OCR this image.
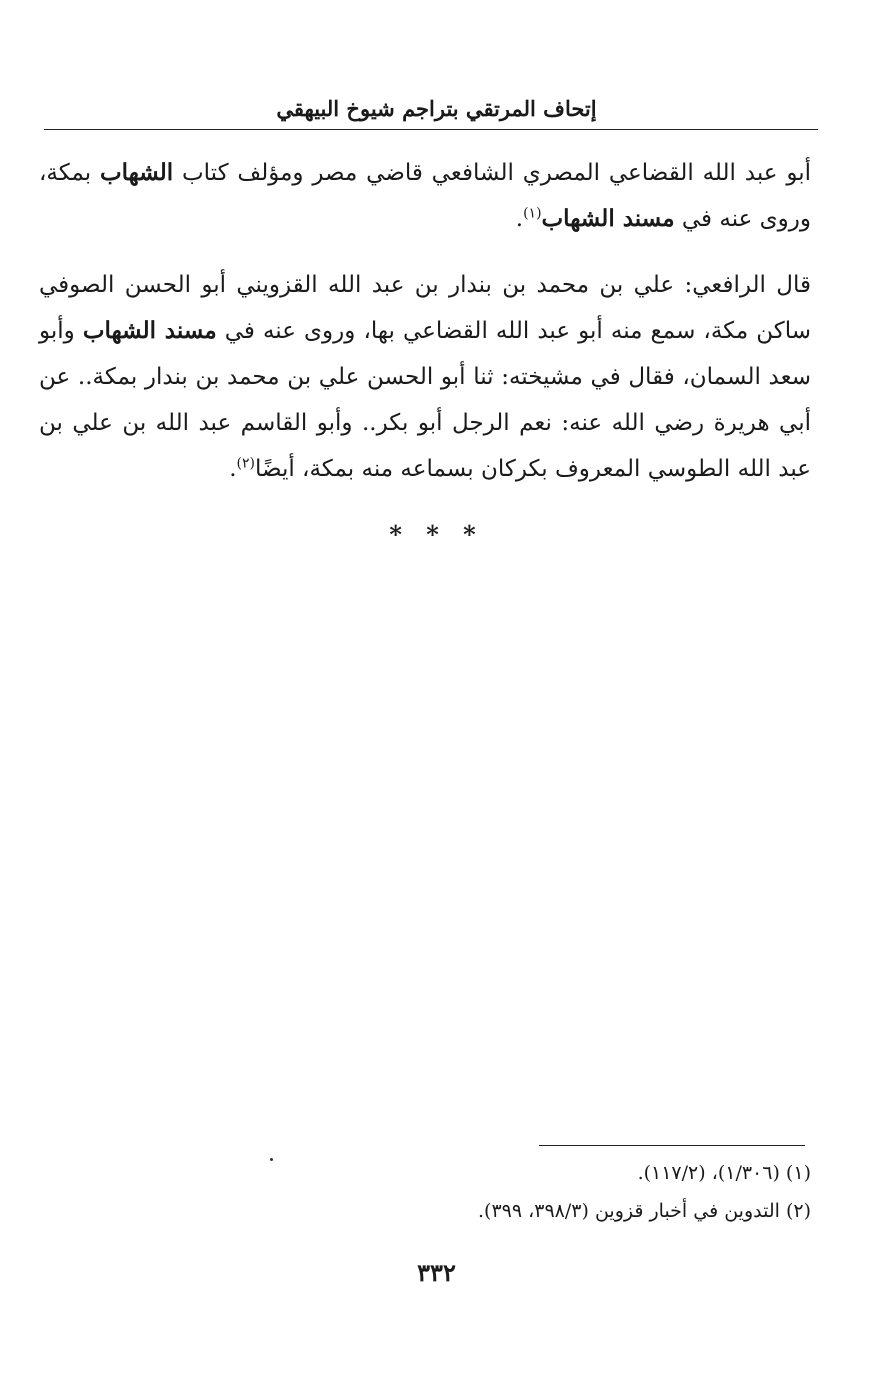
إتحاف المرتقي بتراجم شيوخ البيهقي
أبو عبد الله القضاعي المصري الشافعي قاضي مصر ومؤلف كتاب الشهاب بمكة، وروى عنه في مسند الشهاب$^{(١)}$.
قال الرافعي: علي بن محمد بن بندار بن عبد الله القزويني أبو الحسن الصوفي ساكن مكة، سمع منه أبو عبد الله القضاعي بها، وروى عنه في مسند الشهاب وأبو سعد السمان، فقال في مشيخته: ثنا أبو الحسن علي بن محمد بن بندار بمكة.. عن أبي هريرة رضي الله عنه: نعم الرجل أبو بكر.. وأبو القاسم عبد الله بن علي بن عبد الله الطوسي المعروف بكركان بسماعه منه بمكة، أيضًا$^{(٢)}$.
* * *
(١) (١/٣٠٦)، (١١٧/٢).
(٢) التدوين في أخبار قزوين (٣٩٨/٣، ٣٩٩).
٣٣٢
